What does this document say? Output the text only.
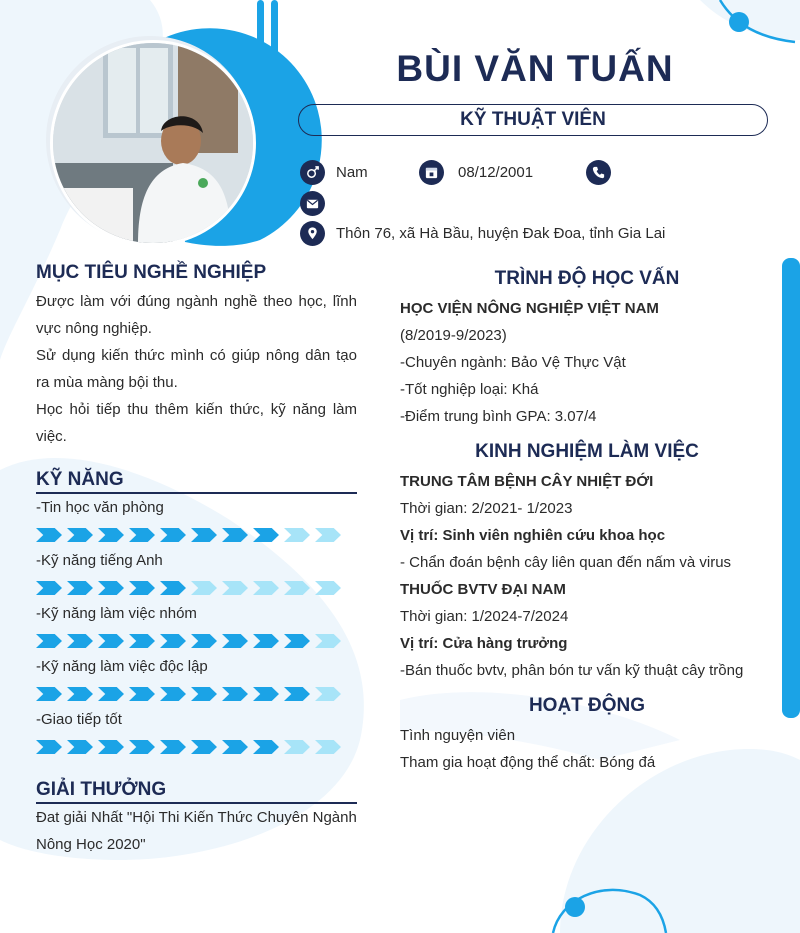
BÙI VĂN TUẤN
KỸ THUẬT VIÊN
Nam	08/12/2001
Thôn 76, xã Hà Bầu, huyện Đak Đoa, tỉnh Gia Lai
MỤC TIÊU NGHỀ NGHIỆP
Được làm với đúng ngành nghề theo học, lĩnh vực nông nghiệp.
Sử dụng kiến thức mình có giúp nông dân tạo ra mùa màng bội thu.
Học hỏi tiếp thu thêm kiến thức, kỹ năng làm việc.
KỸ NĂNG
-Tin học văn phòng
-Kỹ năng tiếng Anh
-Kỹ năng làm việc nhóm
-Kỹ năng làm việc độc lập
-Giao tiếp tốt
GIẢI THƯỞNG
Đat giải Nhất "Hội Thi Kiến Thức Chuyên Ngành Nông Học 2020"
TRÌNH ĐỘ HỌC VẤN
HỌC VIỆN NÔNG NGHIỆP VIỆT NAM
(8/2019-9/2023)
-Chuyên ngành: Bảo Vệ Thực Vật
-Tốt nghiệp loại: Khá
-Điểm trung bình GPA: 3.07/4
KINH NGHIỆM LÀM VIỆC
TRUNG TÂM BỆNH CÂY NHIỆT ĐỚI
Thời gian: 2/2021- 1/2023
Vị trí: Sinh viên nghiên cứu khoa học
- Chẩn đoán bệnh cây liên quan đến nấm và virus
THUỐC BVTV ĐẠI NAM
Thời gian: 1/2024-7/2024
Vị trí: Cửa hàng trưởng
-Bán thuốc bvtv, phân bón tư vấn kỹ thuật cây trồng
HOẠT ĐỘNG
Tình nguyện viên
Tham gia hoạt động thể chất: Bóng đá
